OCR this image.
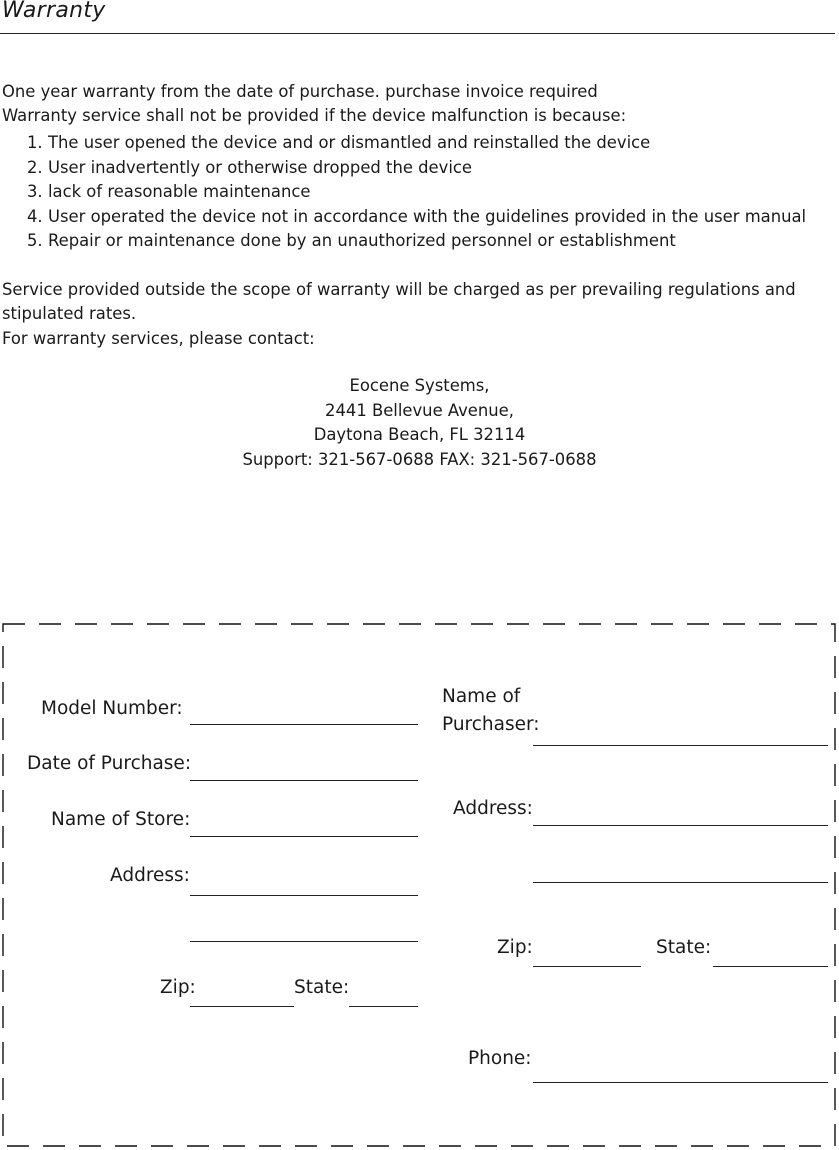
Warranty
One year warranty from the date of purchase. purchase invoice required
Warranty service shall not be provided if the device malfunction is because:
1. The user opened the device and or dismantled and reinstalled the device
2. User inadvertently or otherwise dropped the device
3. lack of reasonable maintenance
4. User operated the device not in accordance with the guidelines provided in the user manual
5. Repair or maintenance done by an unauthorized personnel or establishment
Service provided outside the scope of warranty will be charged as per prevailing regulations and
stipulated rates.
For warranty services, please contact:
Eocene Systems,
2441 Bellevue Avenue,
Daytona Beach, FL 32114
Support: 321-567-0688 FAX: 321-567-0688
Model Number:
Date of Purchase:
Name of Store:
Address:
Zip:	State:
Name of
Purchaser:
Address:
Zip:	State:
Phone:
